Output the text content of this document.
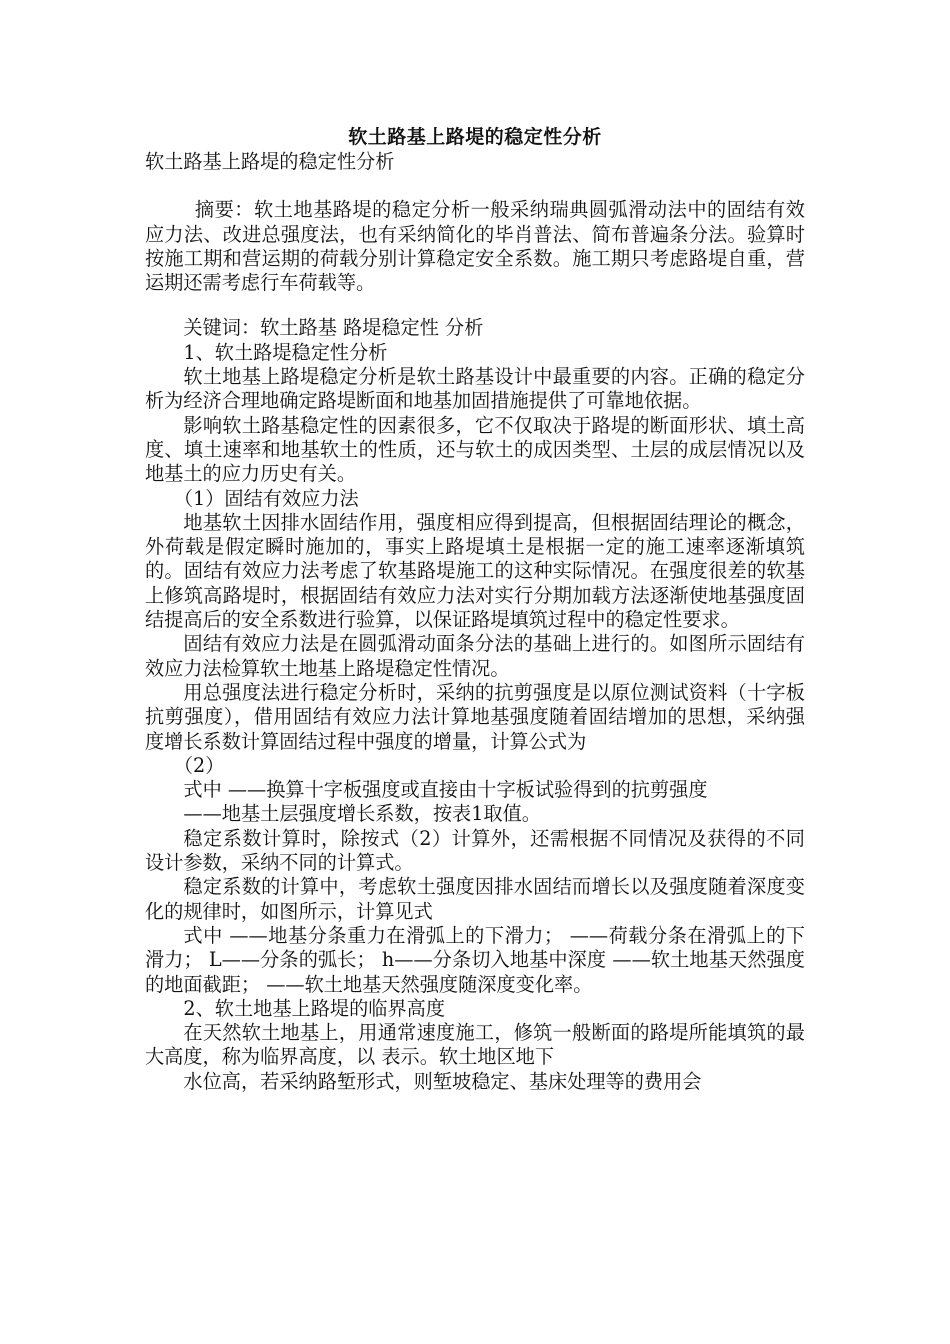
软土路基上路堤的稳定性分析

软土路基上路堤的稳定性分析

摘要：软土地基路堤的稳定分析一般采纳瑞典圆弧滑动法中的固结有效应力法、改进总强度法，也有采纳简化的毕肖普法、简布普遍条分法。验算时按施工期和营运期的荷载分别计算稳定安全系数。施工期只考虑路堤自重，营运期还需考虑行车荷载等。

关键词：软土路基 路堤稳定性 分析

1、软土路堤稳定性分析

软土地基上路堤稳定分析是软土路基设计中最重要的内容。正确的稳定分析为经济合理地确定路堤断面和地基加固措施提供了可靠地依据。

影响软土路基稳定性的因素很多，它不仅取决于路堤的断面形状、填土高度、填土速率和地基软土的性质，还与软土的成因类型、土层的成层情况以及地基土的应力历史有关。

（1）固结有效应力法

地基软土因排水固结作用，强度相应得到提高，但根据固结理论的概念，外荷载是假定瞬时施加的，事实上路堤填土是根据一定的施工速率逐渐填筑的。固结有效应力法考虑了软基路堤施工的这种实际情况。在强度很差的软基上修筑高路堤时，根据固结有效应力法对实行分期加载方法逐渐使地基强度固结提高后的安全系数进行验算，以保证路堤填筑过程中的稳定性要求。

固结有效应力法是在圆弧滑动面条分法的基础上进行的。如图所示固结有效应力法检算软土地基上路堤稳定性情况。

用总强度法进行稳定分析时，采纳的抗剪强度是以原位测试资料（十字板抗剪强度），借用固结有效应力法计算地基强度随着固结增加的思想，采纳强度增长系数计算固结过程中强度的增量，计算公式为

（2）

式中 ——换算十字板强度或直接由十字板试验得到的抗剪强度

——地基土层强度增长系数，按表1取值。

稳定系数计算时，除按式（2）计算外，还需根据不同情况及获得的不同设计参数，采纳不同的计算式。

稳定系数的计算中，考虑软土强度因排水固结而增长以及强度随着深度变化的规律时，如图所示，计算见式

式中 ——地基分条重力在滑弧上的下滑力； ——荷载分条在滑弧上的下滑力； L——分条的弧长； h——分条切入地基中深度 ——软土地基天然强度的地面截距； ——软土地基天然强度随深度变化率。

2、软土地基上路堤的临界高度

在天然软土地基上，用通常速度施工，修筑一般断面的路堤所能填筑的最大高度，称为临界高度，以 表示。软土地区地下

水位高，若采纳路堑形式，则堑坡稳定、基床处理等的费用会
